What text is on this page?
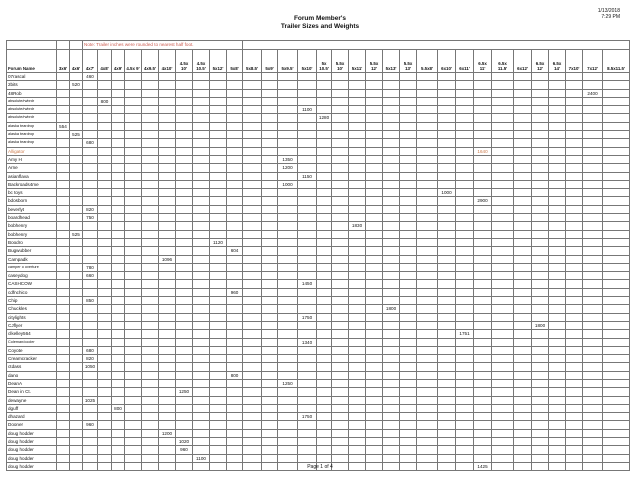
1/13/2018
7:29 PM
Forum Member's
Trailer Sizes and Weights
			Note: Trailer inches were rounded to nearest half foot.																														
Forum Name	3x6'	4x6'	4x7'	4x8'	4x9'	4.5x 9'	4x9.5'	4x10'	4.5x 10'	4.5x 10.5'	5x12'	5x8'	5x8.5'	5x9'	5x9.5'	5x10'	5x 10.5'	5.5x 10'	5x11'	5.5x 12'	5x13'	5.5x 13'	5.5x8'	6x10'	6x11'	6.5x 11'	6.5x 11.5'	6x12'	6.5x 12'	6.5x 14'	7x10'	7x12'	8.5x11.5'
07rascal			460																														
2bits		520																															
48Rob																																2400	
absolute/rwbrdr				800																													
absolute/rwbrdr																1100																	
absolute/rwbrdr																	1280																
alaska teardrop	554																																
alaska teardrop		525																															
alaska teardrop			680																														
Alligator																										1640							
Amy H															1350																		
Arne															1200																		
asianflava																1150																	
Backroads4me															1000																		
bc toys																								1000									
bdosborn																										2900							
beverlyt			820																														
boardhead			750																														
bobhenry																			1830														
bobhenry		525																															
Boodro											1120																						
Bugwubber												604																					
Campadk								1096																									
camper o overture			780																														
caseydog			660																														
CASHCOW																1450																	
cdfnchico												960																					
Chip			850																														
Chuckles																					1800												
citylights																1750																	
CJflyer																													1800				
clkelley564																									1751								
Coleman/cooler																1340																	
Coyote			680																														
Creamcracker			820																														
ctdass			1050																														
dano												800																					
DeanA															1250																		
Dean in Ct.									1250																								
dewayne			1025																														
dguff					800																												
dhazard																1750																	
Dooner			960																														
doug hodder								1200																									
doug hodder									1020																								
doug hodder									960																								
doug hodder										1100																							
doug hodder																										1425							
Page 1 of 4
